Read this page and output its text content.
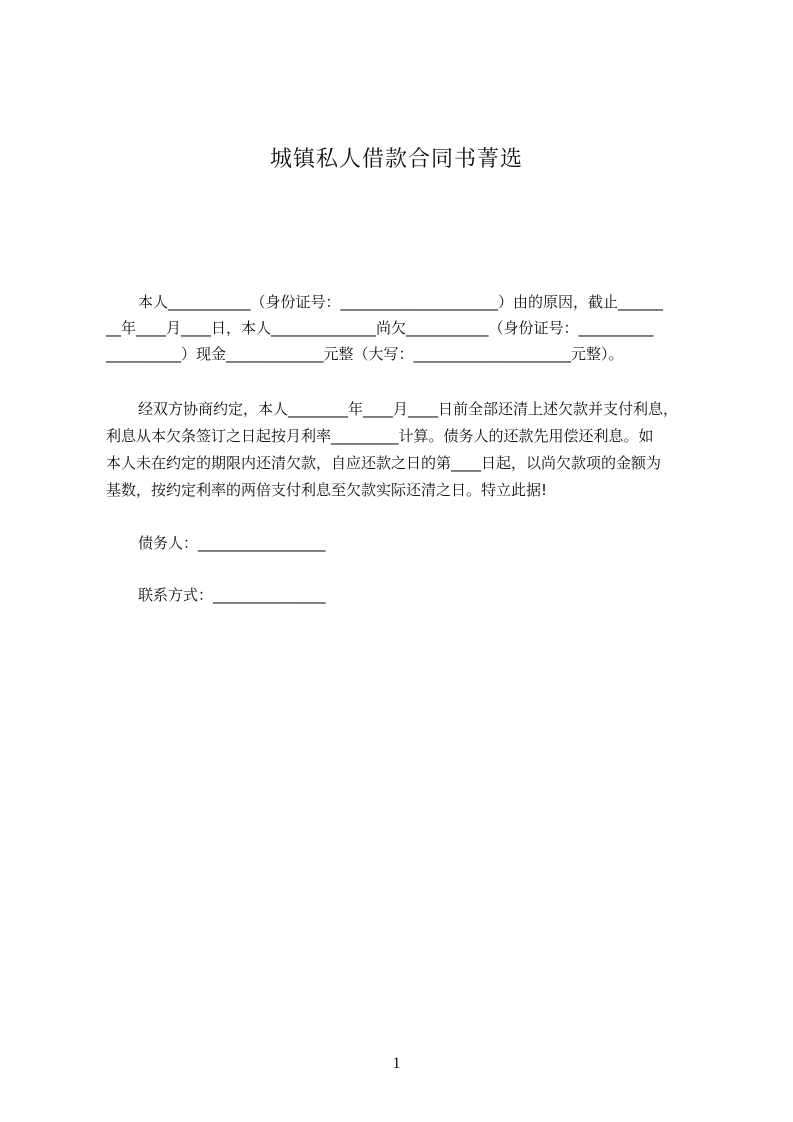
城镇私人借款合同书菁选
本人___________（身份证号：_____________________）由的原因，截止______
__年____月____日，本人______________尚欠___________（身份证号：__________
__________）现金_____________元整（大写：_____________________元整）。
经双方协商约定，本人________年____月____日前全部还清上述欠款并支付利息，
利息从本欠条签订之日起按月利率_________计算。债务人的还款先用偿还利息。如
本人未在约定的期限内还清欠款，自应还款之日的第____日起，以尚欠款项的金额为
基数，按约定利率的两倍支付利息至欠款实际还清之日。特立此据!
债务人：_________________
联系方式：_______________
1
